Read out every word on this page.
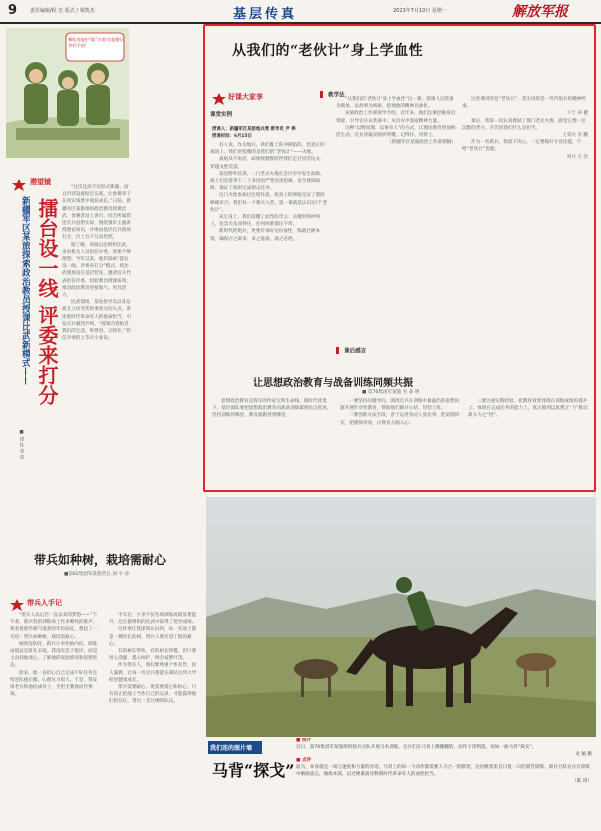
9	责任编辑/程 宏 版式 / 梁凯杰	基层传真	2023年7月10日 星期一	解放军报
哪吒场地中“能”方面 比能整后更好干的！
潜望镜
新疆军区某旅探索政治教员授课比武新模式—— 擂台设一线 评委来打分
■ 徐 柱 张 攻

“这次比武不仅形式新颖，而且内容设置贴近实战，让参赛骨干在真实场景中收获成长。”日前，新疆军区某旅组织政治教员授课比武，参赛者站上讲台，结合所属营连官兵思想实际，围绕强军主题讲授理论知识，评委由基层官兵现场打分，台上台下互动热烈。

据了解，该旅以往组织比武，多由机关人员担任评委，效果不够理想。今年以来，他们探索“擂台设一线、评委来打分”模式，将比武现场设在基层营连，邀请官兵代表担任评委，检验教员授课质效，推动政治教育更接地气、更具活力。

比武现场，某连指导员以身边战友立功受奖的事迹为切入点，讲述新时代革命军人的使命担当，引发官兵强烈共鸣。“授课内容贴近我们的生活，听得进、记得住。”担任评委的上等兵小张说。

从我们的“老伙计”身上学血性
好课大家享
课堂实例
授课人：新疆军区某旅炮兵营 教导员 尹 桦
授课时间：6月15日

有人说，作为炮兵，我们既上阵冲锋陷阵，但真正的战场上，我们更依赖的是我们的“老伙计”——火炮。

战炮从不说话，却始终默默陪伴我们走过风雪边关、穿越戈壁荒漠。

某次野外驻训，一门老式火炮在急行军中发生故障，战士们冒着零下二十多度的严寒连夜抢修，直至排除故障，保证了按时完成射击任务。

这门火炮参加过边境作战，炮身上的弹痕见证了那段峥嵘岁月。我们每一个新兵入营，第一课就是认识这门“老伙计”。

从它身上，我们读懂了血性的含义：关键时刻冲得上，危急关头顶得住，任何困难都压不垮。

新时代的炮兵，更要传承好这份血性，练就过硬本领，确保召之即来、来之能战、战之必胜。

教学法

“从我们的‘老伙计’身上学血性”这一课，授课人以装备为载体，以故事为线索，把抽象的精神具象化。

该旅政治工作部领导介绍，近年来，他们注重挖掘身边资源，引导官兵从装备中、从历史中汲取精神力量。

这种“以物说理、以事育人”的方式，让理论教育更加鲜活生动，官兵普遍反映听得懂、记得住、用得上。

（新疆军区某旅政治工作部供稿）

课后感言

这堂课讲的是“老伙计”，其实讲的是一代代炮兵的精神传承。

下士 孙 健

课后，我第一次认真擦拭了那门老式火炮，感觉它像一位沉默的老兵，在告诉我们什么是担当。

上等兵 李 鹏

作为一名新兵，我暗下决心，一定要练好专业技能，不给“老伙计”丢脸。

列兵 王 浩

让思想政治教育与战备训练同频共振
■ 第76集团军某旅 毛 泰 明

思想政治教育是我军的传家宝和生命线。新时代背景下，基层部队要把思想政治教育同战备训练紧密结合起来，坚持训练到哪里、教育就跟进到哪里。

一要坚持问题导向，围绕官兵在训练中暴露出的思想问题开展针对性教育，帮助他们解开心结、轻装上阵。

二要创新方法手段，善于运用身边人身边事，把道理讲实、把感情讲真，让教育入脑入心。

三要注重实践检验，把教育效果体现在训练成绩的提升上，体现在完成任务的能力上，真正做到以思想之“力”推动战斗力之“进”。

带兵如种树，栽培需耐心
■第82集团军某旅营长 刘 宇 涛
带兵人手记

“带兵人以后若一直以来的梦想——”下午茶，新兵营的训练场上传来嘹亮的歌声。我看着那些朝气蓬勃的年轻面孔，想起了一句话：带兵如种树，栽培需耐心。

刚到连队时，新兵小李性格内向，训练成绩总是排在末尾。我没有急于批评，而是主动找他谈心，了解他的家庭情况和思想状态。

原来，他一直担心自己完成不好任务会给连队拖后腿，心理压力很大。于是，我安排老兵和他结成对子，手把手教他动作要领。

半年后，小李不仅各项训练成绩显著提升，还在旅组织的比武中取得了优异成绩。

这件事让我深刻认识到，每一名战士都是一棵待长的树，带兵人要有园丁般的耐心。

有的树长得快，有的树长得慢，但只要用心浇灌、悉心呵护，终会枝繁叶茂。

作为带兵人，我们要尊重个体差异，因人施教，让每一名官兵都能在部队这所大学校里健康成长。

带兵需要耐心，更需要爱心和恒心。只有真正把战士当作自己的兄弟，才能赢得他们的信任，带出一支过硬的队伍。

我们连的图片墙
马背“探戈”
■ 照片
近日，第76集团军某旅组织骑兵分队开展马术训练，官兵们在马背上腾挪翻转，动作干净利落，宛如一曲马背“探戈”。
龙 颖 摄
■ 点评
驭马，本身就是一场与速度和力量的对话。马背上的每一个动作都需要人马合一的默契，这份默契来自日复一日的刻苦训练。骑兵分队官兵在训练中磨砺意志，锤炼本领，以过硬素质诠释新时代革命军人的血性担当。
（陈 琪）
